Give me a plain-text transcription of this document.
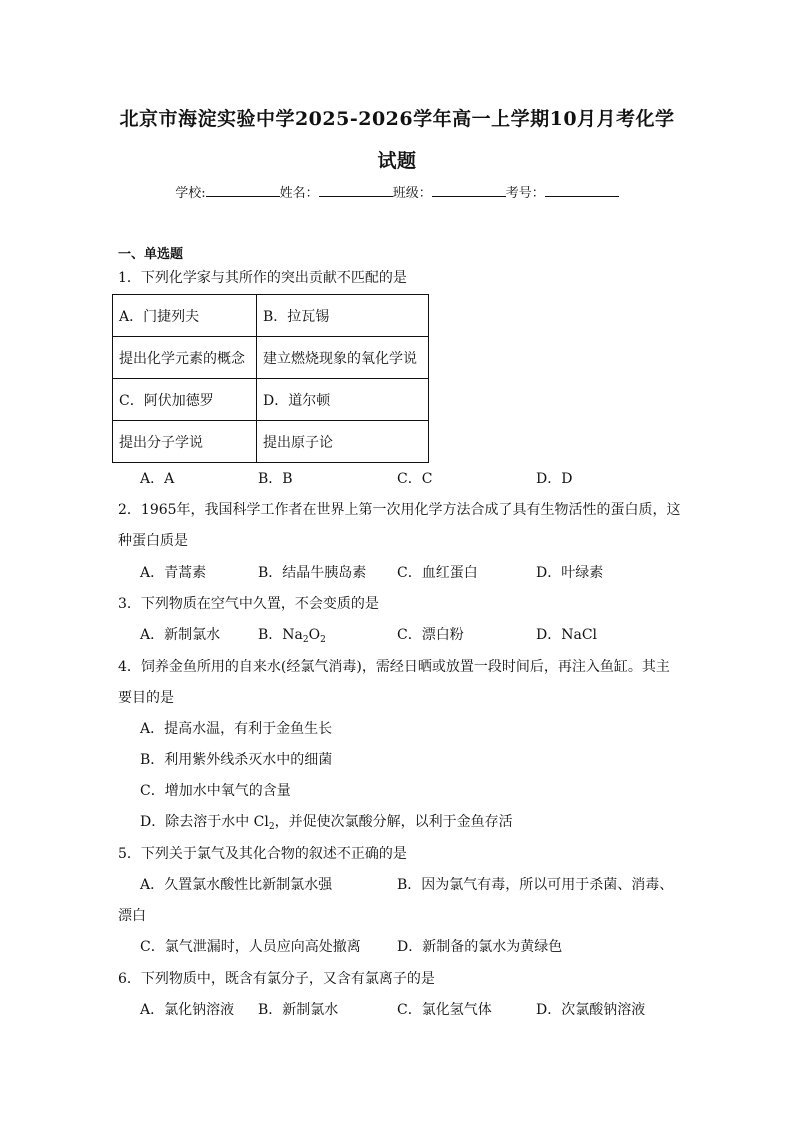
北京市海淀实验中学2025-2026学年高一上学期10月月考化学
试题
学校:	姓名：	班级：	考号：
一、单选题
1．下列化学家与其所作的突出贡献不匹配的是
A．门捷列夫	B．拉瓦锡
提出化学元素的概念	建立燃烧现象的氧化学说
C．阿伏加德罗	D．道尔顿
提出分子学说	提出原子论
A．A	B．B	C．C	D．D
2．1965年，我国科学工作者在世界上第一次用化学方法合成了具有生物活性的蛋白质，这
种蛋白质是
A．青蒿素	B．结晶牛胰岛素 C．血红蛋白	D．叶绿素
3．下列物质在空气中久置，不会变质的是
A．新制氯水	B．$Na_2O_2$	C．漂白粉	D．NaCl
4．饲养金鱼所用的自来水(经氯气消毒)，需经日晒或放置一段时间后，再注入鱼缸。其主
要目的是
A．提高水温，有利于金鱼生长
B．利用紫外线杀灭水中的细菌
C．增加水中氧气的含量
D．除去溶于水中 $Cl_2$，并促使次氯酸分解，以利于金鱼存活
5．下列关于氯气及其化合物的叙述不正确的是
A．久置氯水酸性比新制氯水强	B．因为氯气有毒，所以可用于杀菌、消毒、
漂白
C．氯气泄漏时，人员应向高处撤离	D．新制备的氯水为黄绿色
6．下列物质中，既含有氯分子，又含有氯离子的是
A．氯化钠溶液 B．新制氯水	C．氯化氢气体	D．次氯酸钠溶液
